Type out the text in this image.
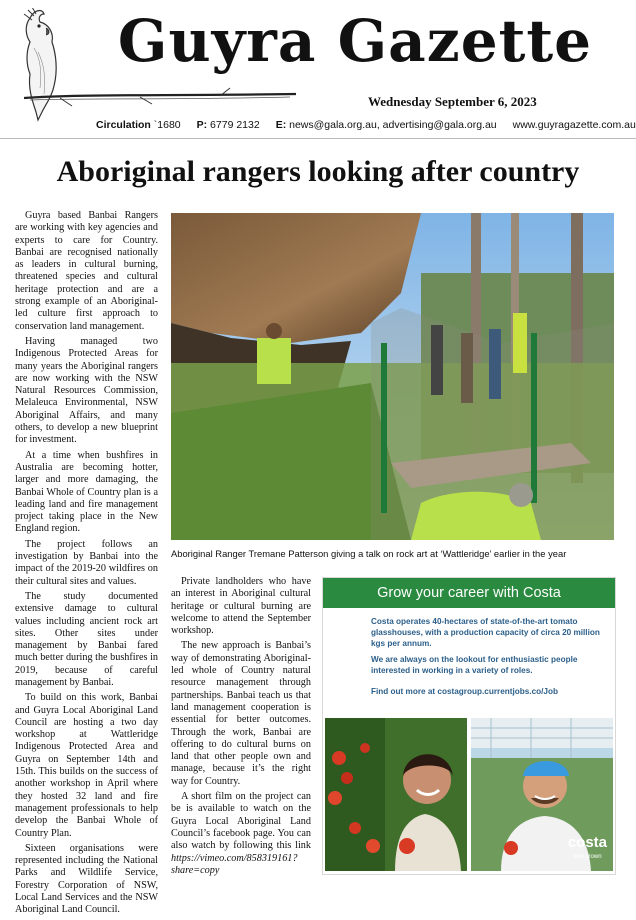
Guyra Gazette
Wednesday September 6, 2023
Circulation `1680 P: 6779 2132 E: news@gala.org.au, advertising@gala.org.au www.guyragazette.com.au
Aboriginal rangers looking after country

Guyra based Banbai Rangers are working with key agencies and experts to care for Country. Banbai are recognised nationally as leaders in cultural burning, threatened species and cultural heritage protection and are a strong example of an Aboriginal-led culture first approach to conservation land management.

Having managed two Indigenous Protected Areas for many years the Aboriginal rangers are now working with the NSW Natural Resources Commission, Melaleuca Environmental, NSW Aboriginal Affairs, and many others, to develop a new blueprint for investment.

At a time when bushfires in Australia are becoming hotter, larger and more damaging, the Banbai Whole of Country plan is a leading land and fire management project taking place in the New England region.

The project follows an investigation by Banbai into the impact of the 2019-20 wildfires on their cultural sites and values.

The study documented extensive damage to cultural values including ancient rock art sites. Other sites under management by Banbai fared much better during the bushfires in 2019, because of careful management by Banbai.

To build on this work, Banbai and Guyra Local Aboriginal Land Council are hosting a two day workshop at Wattleridge Indigenous Protected Area and Guyra on September 14th and 15th. This builds on the success of another workshop in April where they hosted 32 land and fire management professionals to help develop the Banbai Whole of Country Plan.

Sixteen organisations were represented including the National Parks and Wildlife Service, Forestry Corporation of NSW, Local Land Services and the NSW Aboriginal Land Council.

Aboriginal Ranger Tremane Patterson giving a talk on rock art at ‘Wattleridge’ earlier in the year

Private landholders who have an interest in Aboriginal cultural heritage or cultural burning are welcome to attend the September workshop.

The new approach is Banbai’s way of demonstrating Aboriginal-led whole of Country natural resource management through partnerships. Banbai teach us that land management cooperation is essential for better outcomes. Through the work, Banbai are offering to do cultural burns on land that other people own and manage, because it’s the right way for Country.

A short film on the project can be is available to watch on the Guyra Local Aboriginal Land Council’s facebook page. You can also watch by following this link https://vimeo.com/858319161?share=copy

Grow your career with Costa
Costa operates 40-hectares of state-of-the-art tomato glasshouses, with a production capacity of circa 20 million kgs per annum.
We are always on the lookout for enthusiastic people interested in working in a variety of roles.
Find out more at costagroup.currentjobs.co/Job
costa
well grown
